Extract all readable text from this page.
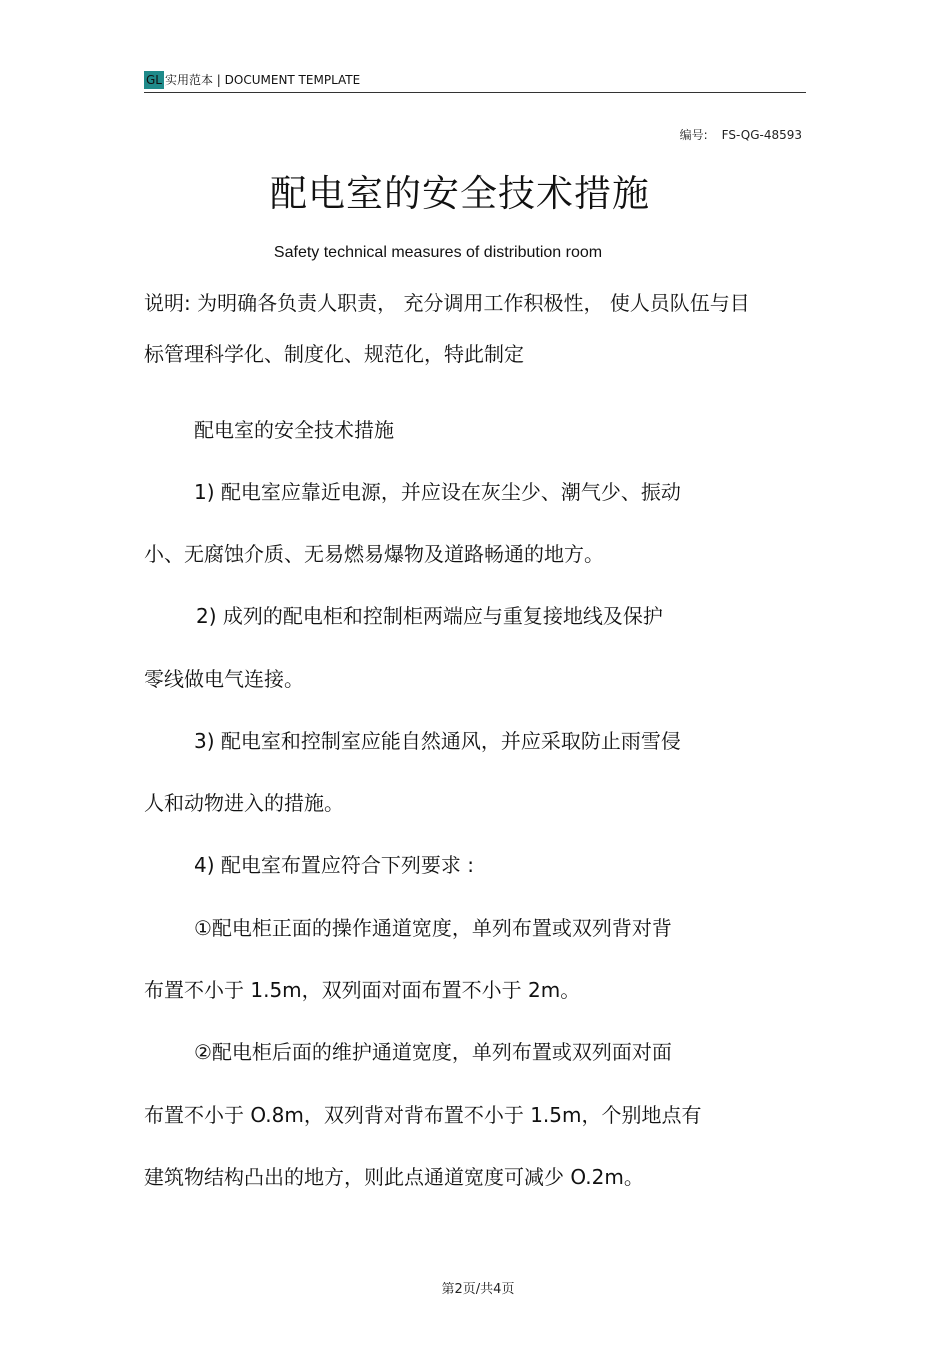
GL 实用范本 | DOCUMENT TEMPLATE
编号: FS-QG-48593
配电室的安全技术措施
Safety technical measures of distribution room
说明: 为明确各负责人职责， 充分调用工作积极性， 使人员队伍与目
标管理科学化、制度化、规范化，特此制定
配电室的安全技术措施
1) 配电室应靠近电源，并应设在灰尘少、潮气少、振动
小、无腐蚀介质、无易燃易爆物及道路畅通的地方。
2) 成列的配电柜和控制柜两端应与重复接地线及保护
零线做电气连接。
3) 配电室和控制室应能自然通风，并应采取防止雨雪侵
人和动物进入的措施。
4) 配电室布置应符合下列要求 :
①配电柜正面的操作通道宽度，单列布置或双列背对背
布置不小于 1.5m，双列面对面布置不小于 2m。
②配电柜后面的维护通道宽度，单列布置或双列面对面
布置不小于 O.8m，双列背对背布置不小于 1.5m，个别地点有
建筑物结构凸出的地方，则此点通道宽度可减少 O.2m。
第2页/共4页
